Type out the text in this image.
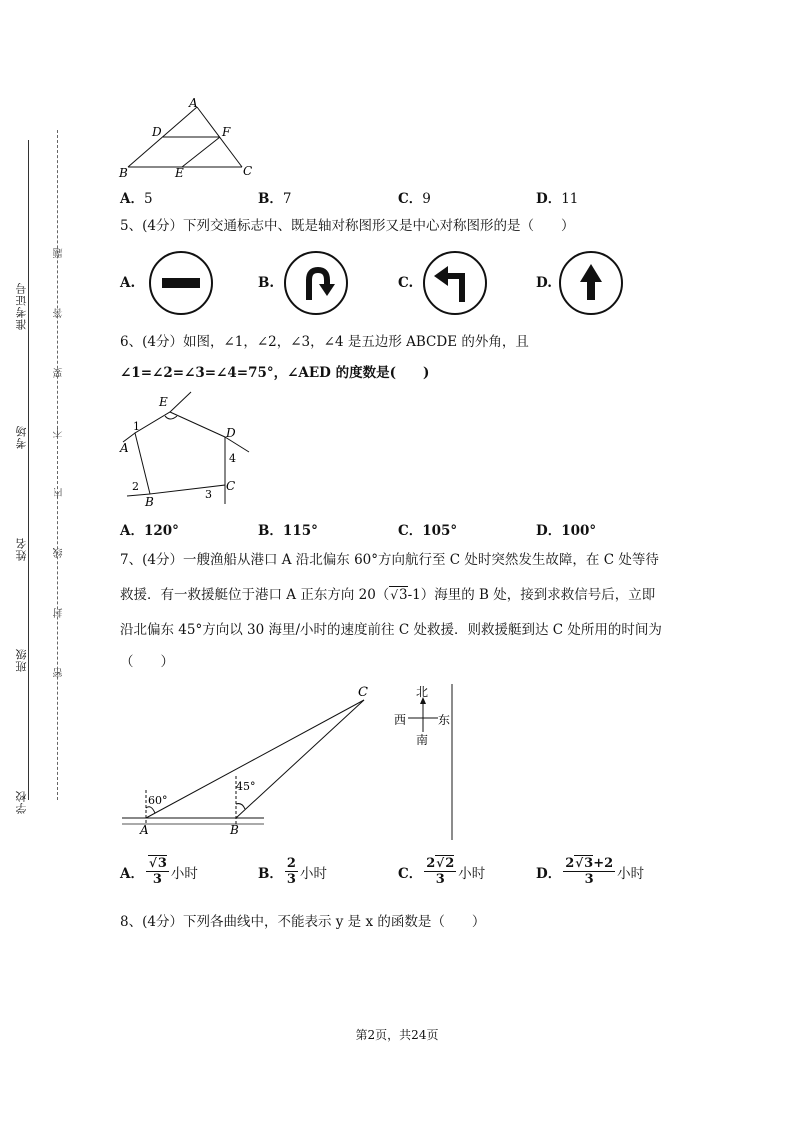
准考证号
考场
姓名
班级
学校
题
答
要
不
内
线
封
密
A
D	F
B	E	C
A．5	B．7	C．9	D．11
5、(4分）下列交通标志中、既是轴对称图形又是中心对称图形的是（　　）
A.	B.	C.	D.
6、(4分）如图，∠1，∠2，∠3，∠4 是五边形 ABCDE 的外角，且
∠1=∠2=∠3=∠4=75°，∠AED 的度数是(　　)
E
D
A
B
C
1
2
3
4
A．120°	B．115°	C．105°	D．100°
7、(4分）一艘渔船从港口 A 沿北偏东 60°方向航行至 C 处时突然发生故障，在 C 处等待
救援．有一救援艇位于港口 A 正东方向 20（ √ 3-1）海里的 B 处，接到求救信号后，立即
沿北偏东 45°方向以 30 海里/小时的速度前往 C 处救援．则救援艇到达 C 处所用的时间为
（　　）
C
A	B
60°
45°
北
西	东
南
A． √ $\frac{3}{3}$ 小时	B． $\frac{2}{3}$ 小时	C． $\frac{2 √ 2}{3}$ 小时	D． $\frac{2 √ 3+2}{3}$ 小时
8、(4分）下列各曲线中，不能表示 y 是 x 的函数是（　　）
第2页，共24页
